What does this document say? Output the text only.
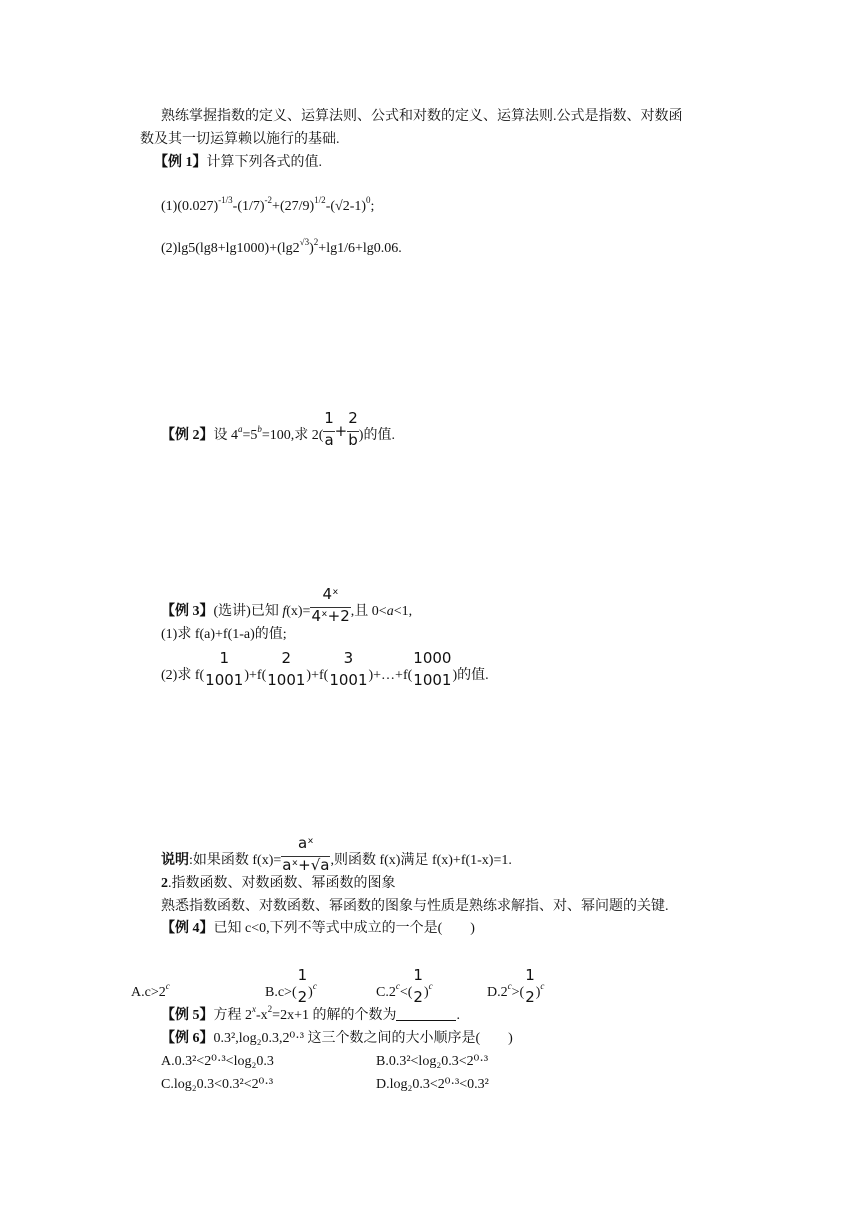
熟练掌握指数的定义、运算法则、公式和对数的定义、运算法则.公式是指数、对数函
数及其一切运算赖以施行的基础.
【例 1】计算下列各式的值.
$(1)(0.027)^{-1/3}-(1/7)^{-2}+(27/9)^{1/2}-(√2-1)^0$;
$(2)\lg 5(\lg 8+\lg 1000)+(\lg 2^{√3})^2+\lg 1/6+\lg 0.06$.
【例 2】设 $4^a=5^b=100$,求 $2( \frac{1}{a}+ \frac{2}{b})$的值.
【例 3】(选讲)已知 $f(x)= \frac{\text{4ˣ}}{\text{4ˣ+2}}$,且 0<a<1,
(1)求 f(a)+f(1-a)的值;
(2)求 f(
1
1001)+f(
2
1001)+f(
3
1001)+…+f(
1000
1001)的值.
说明:如果函数 $f(x)= \frac{\text{aˣ}}{\text{aˣ+√a}}$,则函数 f(x)满足 f(x)+f(1-x)=1.
2.指数函数、对数函数、幂函数的图象
熟悉指数函数、对数函数、幂函数的图象与性质是熟练求解指、对、幂问题的关键.
【例 4】已知 c<0,下列不等式中成立的一个是(　　)
$A.c>2^c$	B.c>(
1
2)$^c$	C.2$^c$<(
1
2)$^c$	D.2$^c$>(
1
2)$^c$
【例 5】方程 $2^x-x^2=2x+1$ 的解的个数为	.
【例 6】0.3²,log₂0.3,2⁰·³ 这三个数之间的大小顺序是(　　)
A.0.3²<2⁰·³<log₂0.3	B.0.3²<log₂0.3<2⁰·³
C.log₂0.3<0.3²<2⁰·³	D.log₂0.3<2⁰·³<0.3²
